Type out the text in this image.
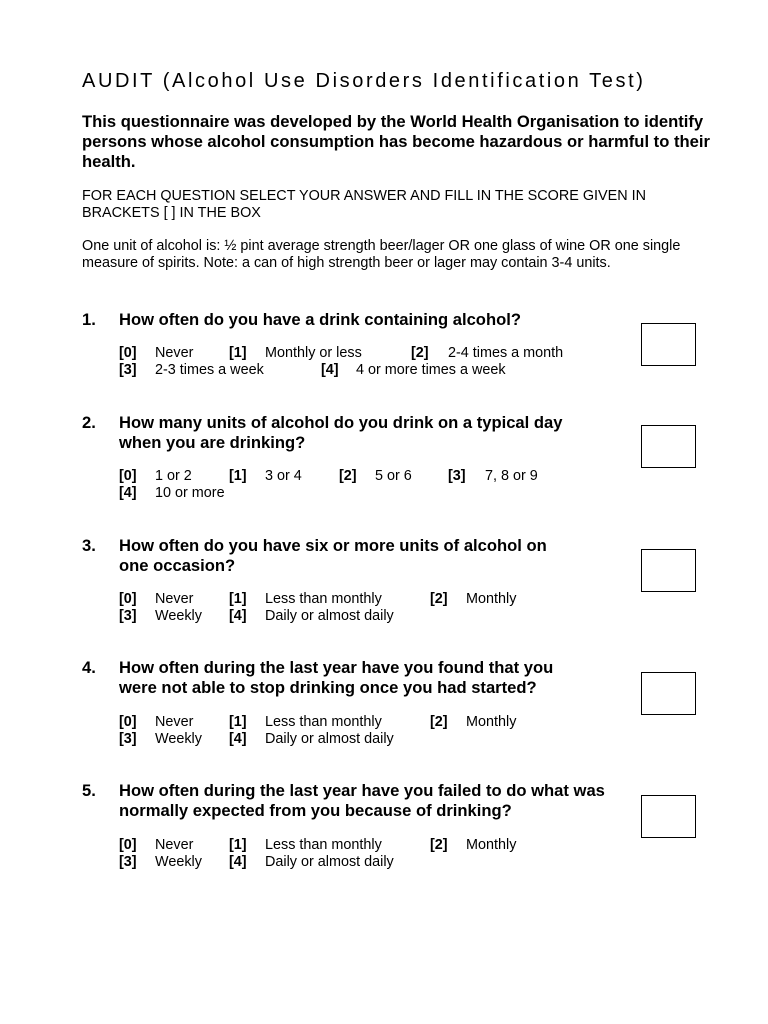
AUDIT (Alcohol Use Disorders Identification Test)
This questionnaire was developed by the World Health Organisation to identify persons whose alcohol consumption has become hazardous or harmful to their health.
FOR EACH QUESTION SELECT YOUR ANSWER AND FILL IN THE SCORE GIVEN IN BRACKETS [ ] IN THE BOX
One unit of alcohol is: ½ pint average strength beer/lager OR one glass of wine OR one single measure of spirits. Note: a can of high strength beer or lager may contain 3-4 units.
1. How often do you have a drink containing alcohol?
[0] Never [1] Monthly or less	[2] 2-4 times a month
[3] 2-3 times a week	[4] 4 or more times a week
2. How many units of alcohol do you drink on a typical day when you are drinking?
[0] 1 or 2	[1] 3 or 4	[2] 5 or 6	[3] 7, 8 or 9
[4] 10 or more
3. How often do you have six or more units of alcohol on one occasion?
[0] Never [1] Less than monthly	[2] Monthly
[3] Weekly [4] Daily or almost daily
4. How often during the last year have you found that you were not able to stop drinking once you had started?
[0] Never [1] Less than monthly	[2] Monthly
[3] Weekly [4] Daily or almost daily
5. How often during the last year have you failed to do what was normally expected from you because of drinking?
[0] Never [1] Less than monthly	[2] Monthly
[3] Weekly [4] Daily or almost daily
